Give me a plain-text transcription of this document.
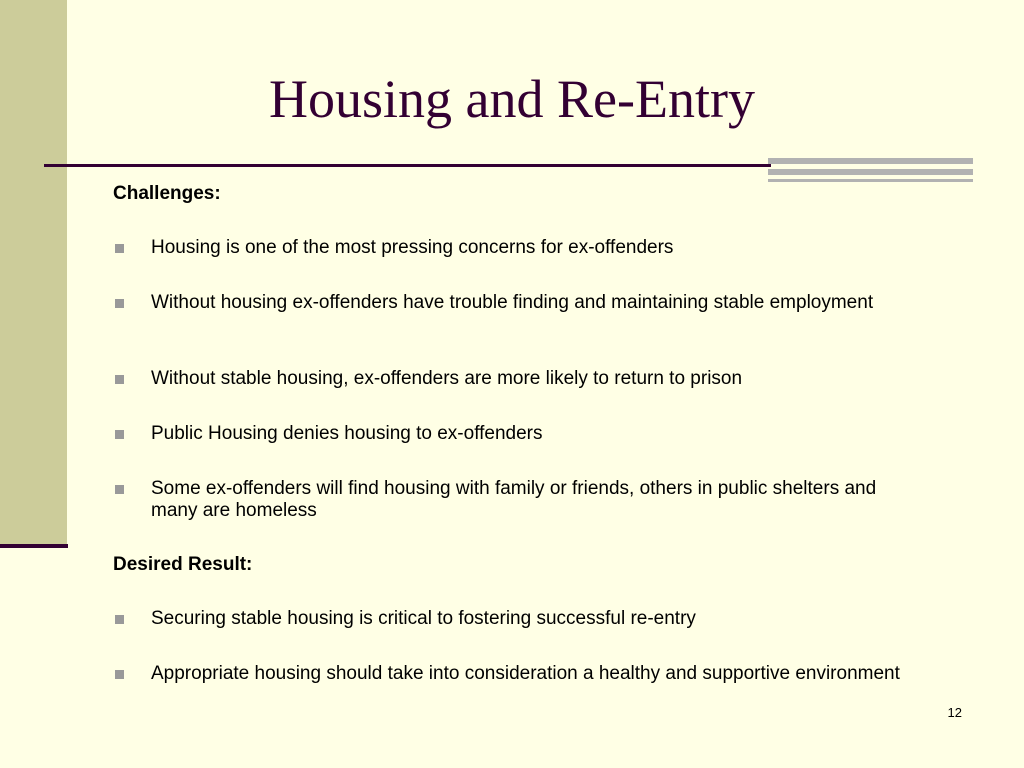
Housing and Re-Entry
Challenges:
Housing is one of the most pressing concerns for ex-offenders
Without housing ex-offenders have trouble finding and maintaining stable employment
Without stable housing, ex-offenders are more likely to return to prison
Public Housing denies housing to ex-offenders
Some ex-offenders will find housing with family or friends, others in public shelters and many are homeless
Desired Result:
Securing stable housing is critical to fostering successful re-entry
Appropriate housing should take into consideration a healthy and supportive environment
12
